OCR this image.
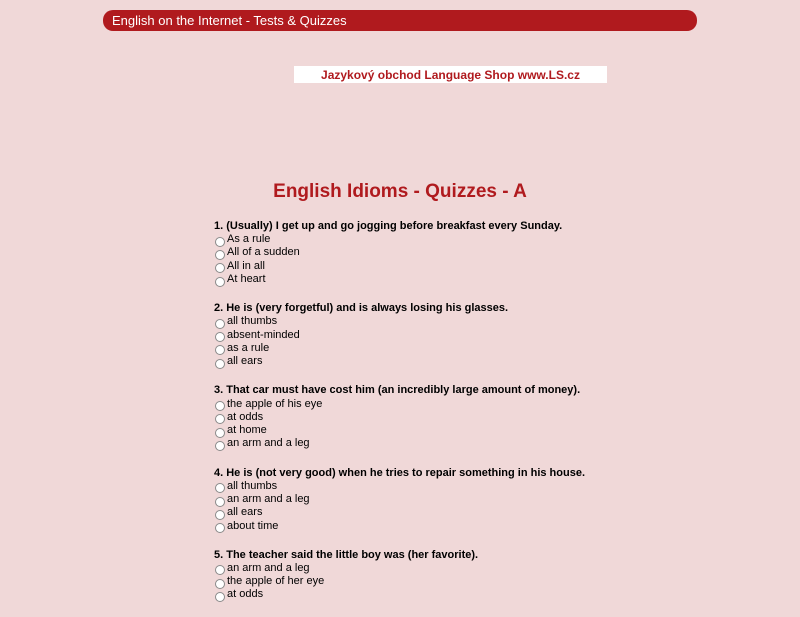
English on the Internet - Tests & Quizzes
Jazykový obchod Language Shop www.LS.cz
English Idioms - Quizzes - A
1. (Usually) I get up and go jogging before breakfast every Sunday.
As a rule
All of a sudden
All in all
At heart
2. He is (very forgetful) and is always losing his glasses.
all thumbs
absent-minded
as a rule
all ears
3. That car must have cost him (an incredibly large amount of money).
the apple of his eye
at odds
at home
an arm and a leg
4. He is (not very good) when he tries to repair something in his house.
all thumbs
an arm and a leg
all ears
about time
5. The teacher said the little boy was (her favorite).
an arm and a leg
the apple of her eye
at odds
